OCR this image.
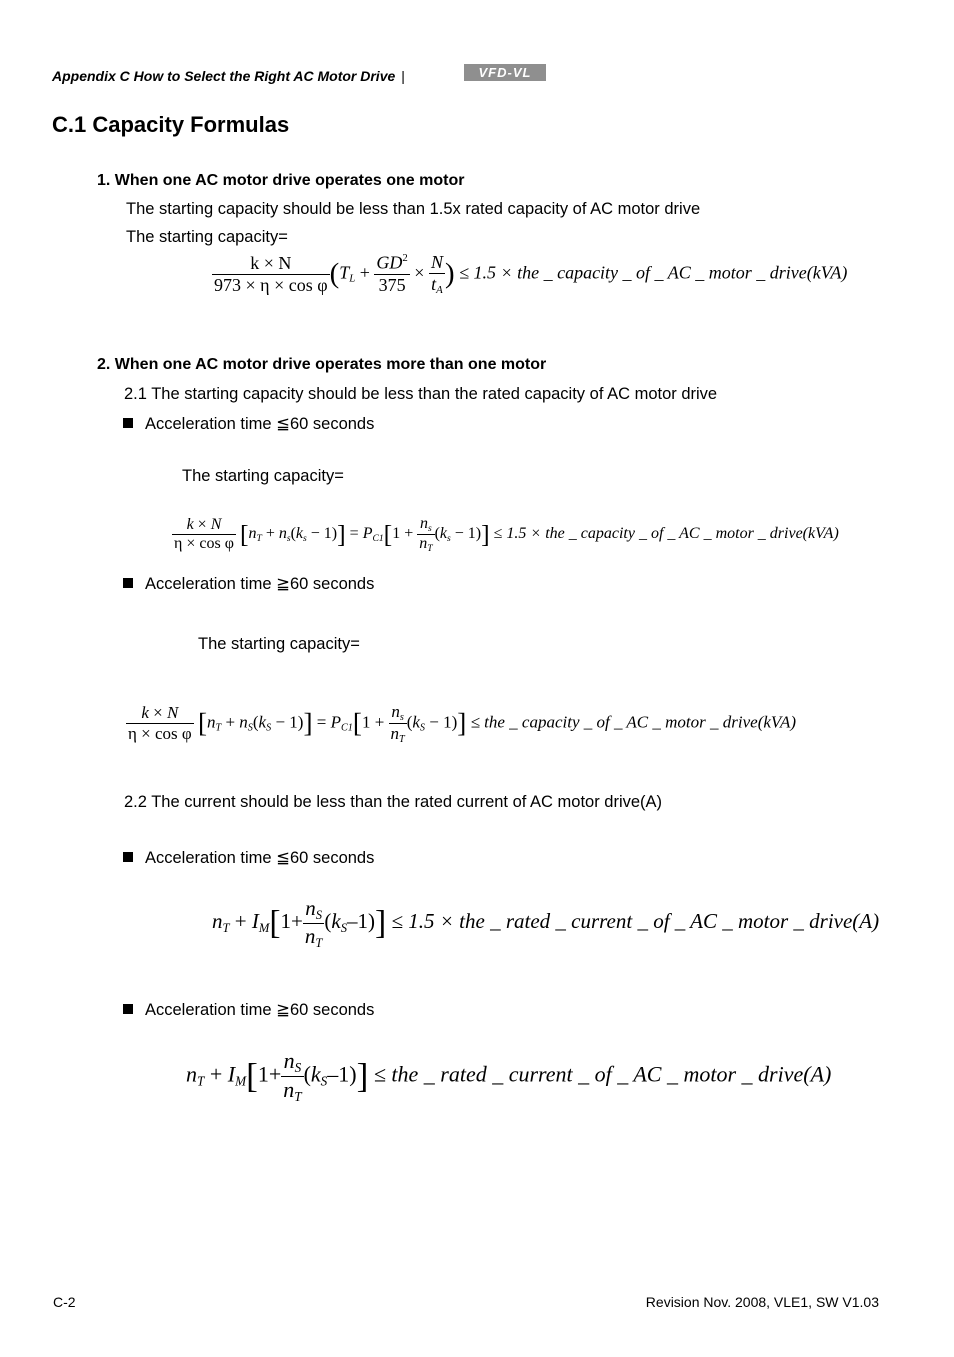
Appendix C How to Select the Right AC Motor Drive |	VFD-VL
C.1 Capacity Formulas
1. When one AC motor drive operates one motor
The starting capacity should be less than 1.5x rated capacity of AC motor drive
The starting capacity=
$\frac{k \times N}{\text{973 × η × cos φ}} (T_L + \frac{GD^2}{375} \times \frac{N}{t_A}$ ) ≤ 1.5 × the _ capacity _ of _ AC _ motor _ drive(kVA)
2. When one AC motor drive operates more than one motor
2.1 The starting capacity should be less than the rated capacity of AC motor drive
Acceleration time ≦60 seconds
The starting capacity=
$\frac{k \times N}{\text{η × cos φ}} [n_T + n_s(k_s - 1)] = P_{C1}[1 + \frac{n_s}{n_T} (k_s - 1)] \le 1.5$ × the _ capacity _ of _ AC _ motor _ drive(kVA)
Acceleration time ≧60 seconds
The starting capacity=
$\frac{k \times N}{\text{η × cos φ}} [n_T + n_S(k_S - 1)] = P_{C1}[1 + \frac{n_s}{n_T} (k_S - 1)]$ ≤ the _ capacity _ of _ AC _ motor _ drive(kVA)
2.2 The current should be less than the rated current of AC motor drive(A)
Acceleration time ≦60 seconds
$n_T + I_M[1+ \frac{n_S}{n_T} (k_S-1)] \le 1.5$ × the _ rated _ current _ of _ AC _ motor _ drive(A)
Acceleration time ≧60 seconds
$n_T + I_M[1+ \frac{n_S}{n_T} (k_S-1)]$ ≤ the _ rated _ current _ of _ AC _ motor _ drive(A)
C-2	Revision Nov. 2008, VLE1, SW V1.03
